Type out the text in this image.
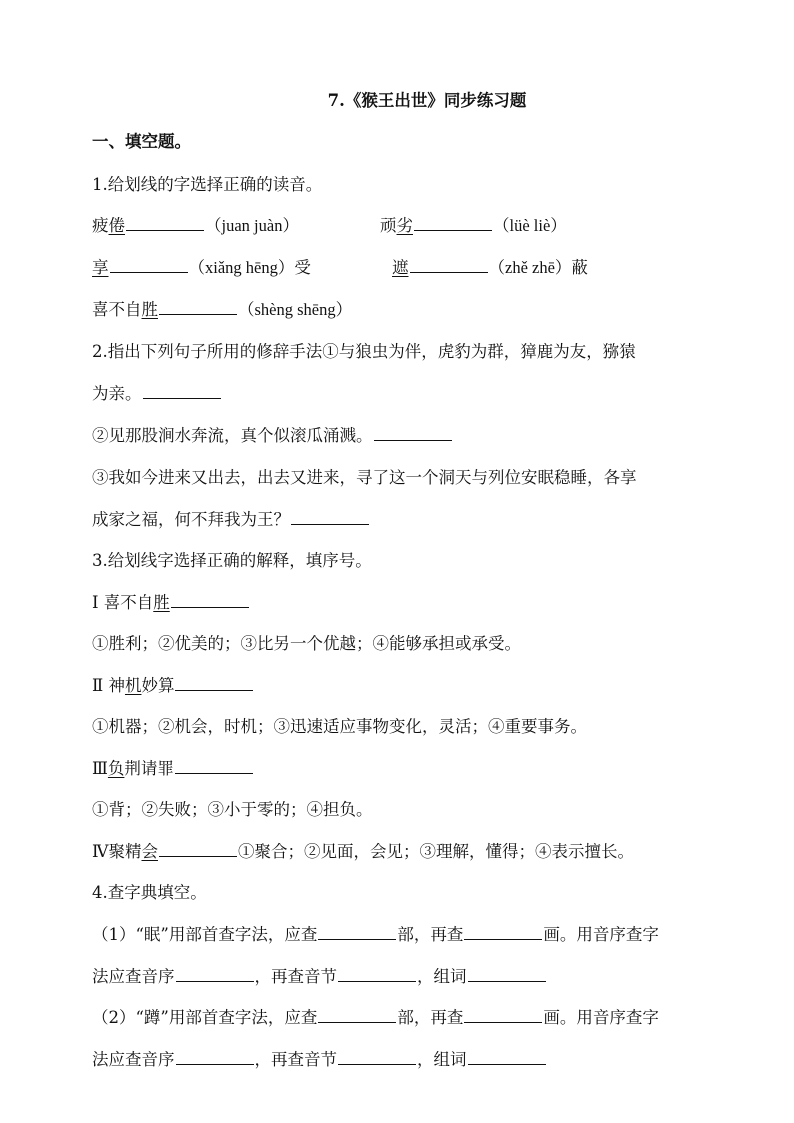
7.《猴王出世》同步练习题
一、填空题。
1.给划线的字选择正确的读音。
疲倦	（juan juàn）	顽劣	（lüè liè）
享	（xiǎng hēng）受	遮	（zhě zhē）蔽
喜不自胜	（shèng shēng）
2.指出下列句子所用的修辞手法①与狼虫为伴，虎豹为群，獐鹿为友，猕猿
为亲。
②见那股涧水奔流，真个似滚瓜涌溅。
③我如今进来又出去，出去又进来，寻了这一个洞天与列位安眠稳睡，各享
成家之福，何不拜我为王？
3.给划线字选择正确的解释，填序号。
Ⅰ 喜不自胜
①胜利；②优美的；③比另一个优越；④能够承担或承受。
Ⅱ 神机妙算
①机器；②机会，时机；③迅速适应事物变化，灵活；④重要事务。
Ⅲ负荆请罪
①背；②失败；③小于零的；④担负。
Ⅳ聚精会	①聚合；②见面，会见；③理解，懂得；④表示擅长。
4.查字典填空。
（1）“眠”用部首查字法，应查	部，再查	画。用音序查字
法应查音序	，再查音节	，组词
（2）“蹲”用部首查字法，应查	部，再查	画。用音序查字
法应查音序	，再查音节	，组词
